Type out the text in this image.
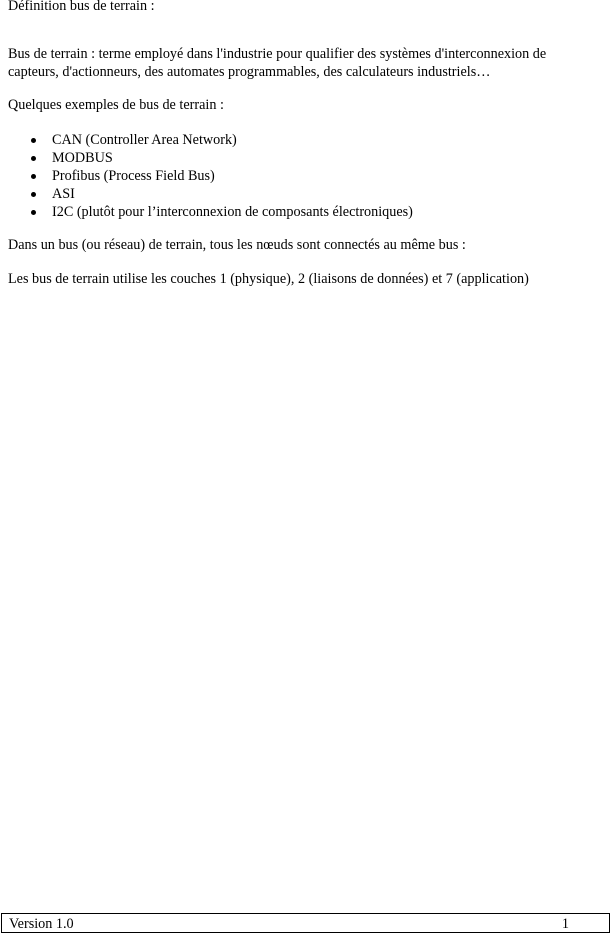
Définition bus de terrain :

Bus de terrain : terme employé dans l'industrie pour qualifier des systèmes d'interconnexion de
capteurs, d'actionneurs, des automates programmables, des calculateurs industriels…

Quelques exemples de bus de terrain :

CAN (Controller Area Network)
MODBUS
Profibus (Process Field Bus)
ASI
I2C (plutôt pour l’interconnexion de composants électroniques)

Dans un bus (ou réseau) de terrain, tous les nœuds sont connectés au même bus :

Les bus de terrain utilise les couches 1 (physique), 2 (liaisons de données) et 7 (application)

Version 1.0	1
